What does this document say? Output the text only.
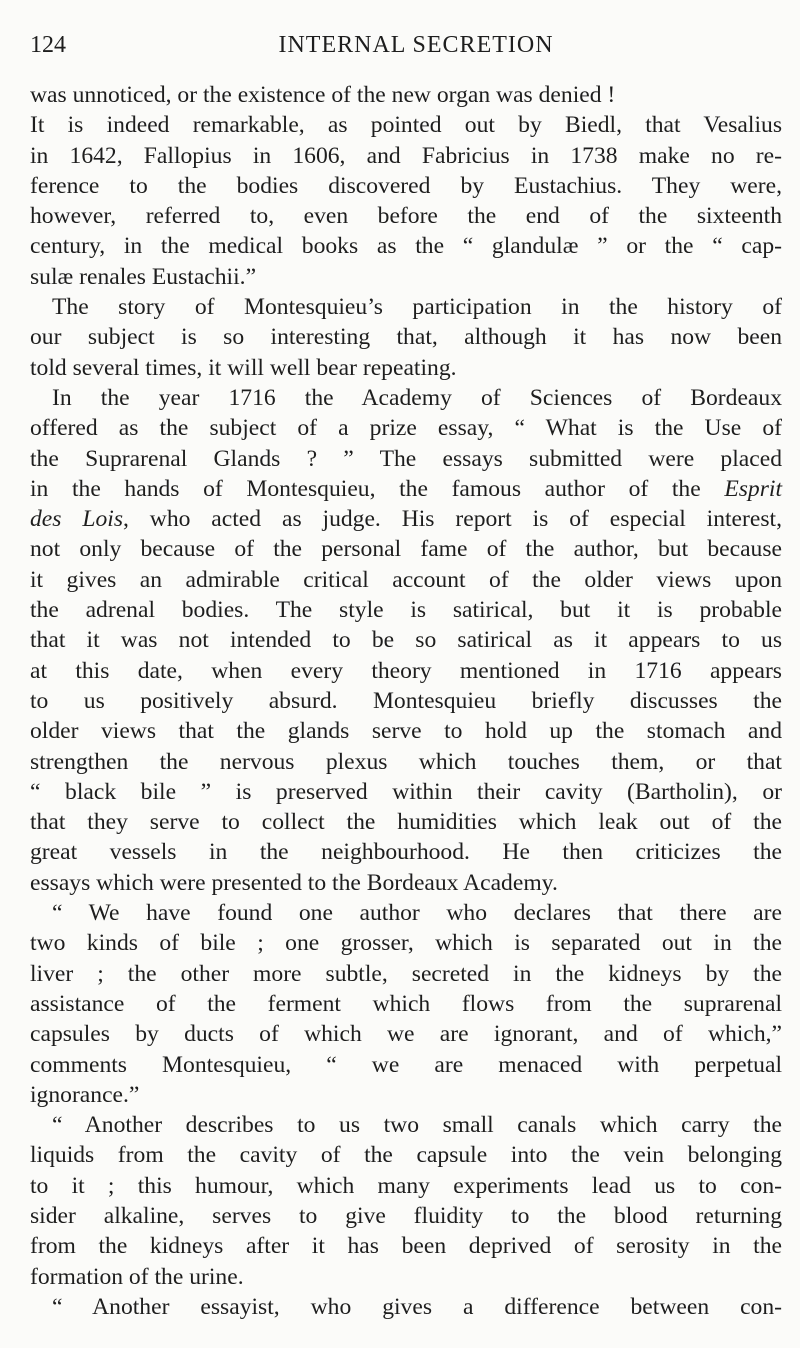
124	INTERNAL SECRETION
was unnoticed, or the existence of the new organ was denied !
It is indeed remarkable, as pointed out by Biedl, that Vesalius
in 1642, Fallopius in 1606, and Fabricius in 1738 make no re-
ference to the bodies discovered by Eustachius. They were,
however, referred to, even before the end of the sixteenth
century, in the medical books as the “ glandulæ ” or the “ cap-
sulæ renales Eustachii.”
The story of Montesquieu’s participation in the history of
our subject is so interesting that, although it has now been
told several times, it will well bear repeating.
In the year 1716 the Academy of Sciences of Bordeaux
offered as the subject of a prize essay, “ What is the Use of
the Suprarenal Glands ? ” The essays submitted were placed
in the hands of Montesquieu, the famous author of the Esprit
des Lois, who acted as judge. His report is of especial interest,
not only because of the personal fame of the author, but because
it gives an admirable critical account of the older views upon
the adrenal bodies. The style is satirical, but it is probable
that it was not intended to be so satirical as it appears to us
at this date, when every theory mentioned in 1716 appears
to us positively absurd. Montesquieu briefly discusses the
older views that the glands serve to hold up the stomach and
strengthen the nervous plexus which touches them, or that
“ black bile ” is preserved within their cavity (Bartholin), or
that they serve to collect the humidities which leak out of the
great vessels in the neighbourhood. He then criticizes the
essays which were presented to the Bordeaux Academy.
“ We have found one author who declares that there are
two kinds of bile ; one grosser, which is separated out in the
liver ; the other more subtle, secreted in the kidneys by the
assistance of the ferment which flows from the suprarenal
capsules by ducts of which we are ignorant, and of which,”
comments Montesquieu, “ we are menaced with perpetual
ignorance.”
“ Another describes to us two small canals which carry the
liquids from the cavity of the capsule into the vein belonging
to it ; this humour, which many experiments lead us to con-
sider alkaline, serves to give fluidity to the blood returning
from the kidneys after it has been deprived of serosity in the
formation of the urine.
“ Another essayist, who gives a difference between con-
